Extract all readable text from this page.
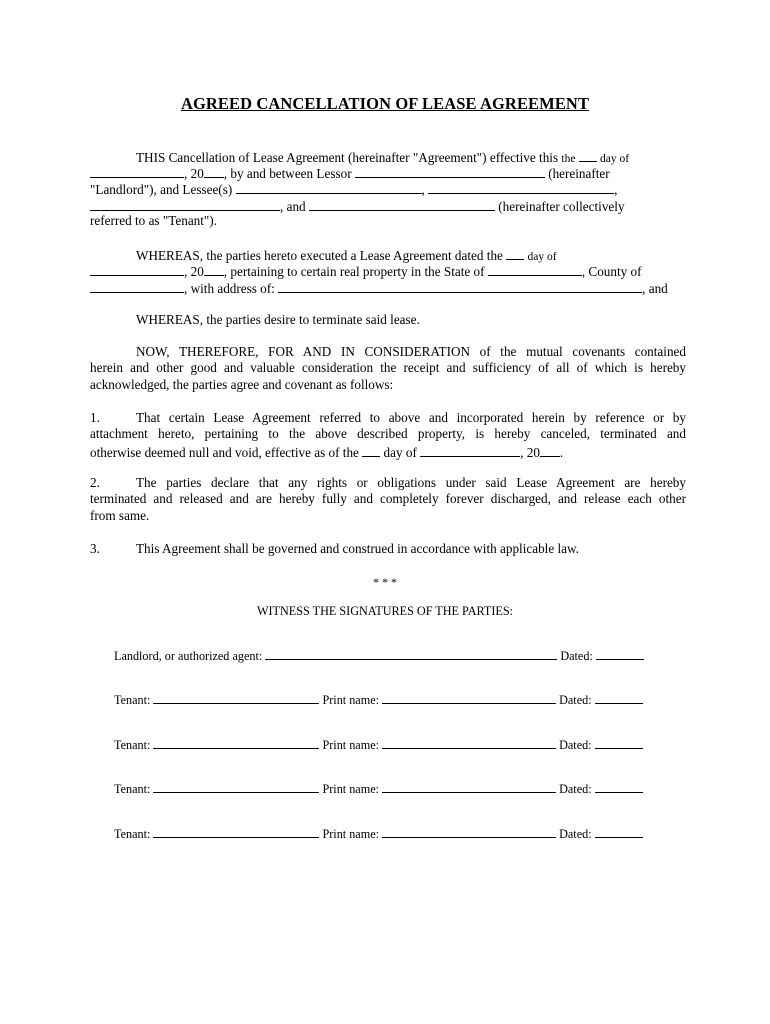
AGREED CANCELLATION OF LEASE AGREEMENT
THIS Cancellation of Lease Agreement (hereinafter "Agreement") effective this the day of
, 20 , by and between Lessor	(hereinafter
"Landlord"), and Lessee(s)	,	,
, and	(hereinafter collectively
referred to as "Tenant").
WHEREAS, the parties hereto executed a Lease Agreement dated the day of
, 20 , pertaining to certain real property in the State of	, County of
, with address of:	, and
WHEREAS, the parties desire to terminate said lease.
NOW, THEREFORE, FOR AND IN CONSIDERATION of the mutual covenants contained
herein and other good and valuable consideration the receipt and sufficiency of all of which is hereby
acknowledged, the parties agree and covenant as follows:
1.	That certain Lease Agreement referred to above and incorporated herein by reference or by
attachment hereto, pertaining to the above described property, is hereby canceled, terminated and
otherwise deemed null and void, effective as of the day of	, 20 .
2.	The parties declare that any rights or obligations under said Lease Agreement are hereby
terminated and released and are hereby fully and completely forever discharged, and release each other
from same.
3.	This Agreement shall be governed and construed in accordance with applicable law.
* * *
WITNESS THE SIGNATURES OF THE PARTIES:
Landlord, or authorized agent:	Dated:
Tenant:	Print name:	Dated:
Tenant:	Print name:	Dated:
Tenant:	Print name:	Dated:
Tenant:	Print name:	Dated:
